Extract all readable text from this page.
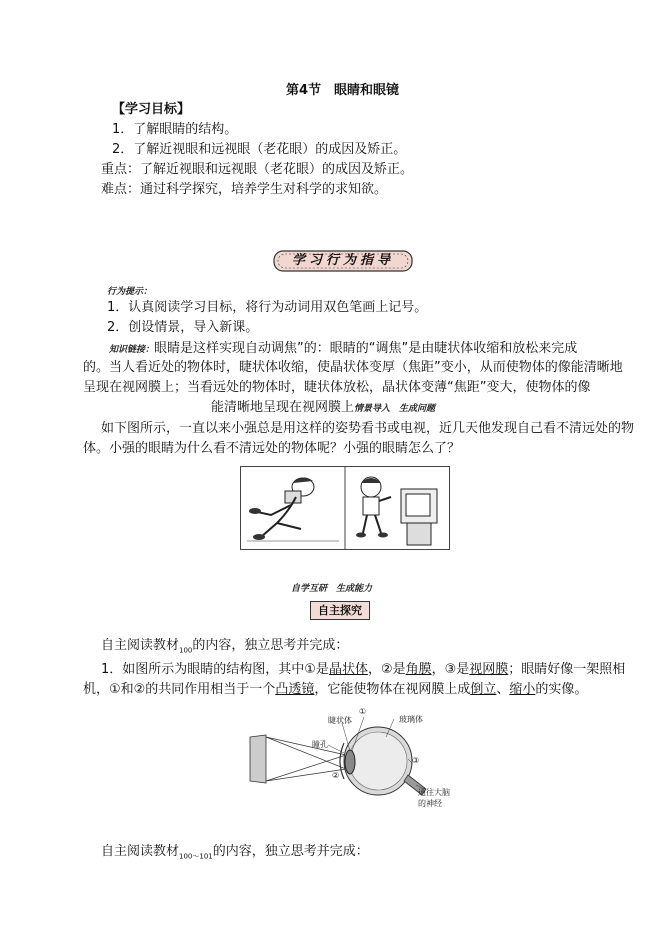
第4节　眼睛和眼镜
【学习目标】
1．了解眼睛的结构。
2．了解近视眼和远视眼（老花眼）的成因及矫正。
重点：了解近视眼和远视眼（老花眼）的成因及矫正。
难点：通过科学探究，培养学生对科学的求知欲。
学习行为指导
行为提示：
1．认真阅读学习目标，将行为动词用双色笔画上记号。
2．创设情景，导入新课。
知识链接：眼睛是这样实现自动调焦”的：眼睛的“调焦”是由睫状体收缩和放松来完成
的。当人看近处的物体时，睫状体收缩，使晶状体变厚（焦距”变小，从而使物体的像能清晰地
呈现在视网膜上；当看远处的物体时，睫状体放松，晶状体变薄“焦距”变大，使物体的像
能清晰地呈现在视网膜上情景导入　生成问题
如下图所示，一直以来小强总是用这样的姿势看书或电视，近几天他发现自己看不清远处的物
体。小强的眼睛为什么看不清远处的物体呢？小强的眼睛怎么了？
自学互研　生成能力
自主探究
自主阅读教材$_{100}$的内容，独立思考并完成：
1．如图所示为眼睛的结构图，其中①是晶状体，②是角膜，③是视网膜；眼睛好像一架照相
机，①和②的共同作用相当于一个凸透镜，它能使物体在视网膜上成倒立、缩小的实像。
睫状体
①
玻璃体
瞳孔
②
③
通往大脑
的神经
自主阅读教材$_{100\sim 101}$的内容，独立思考并完成：
